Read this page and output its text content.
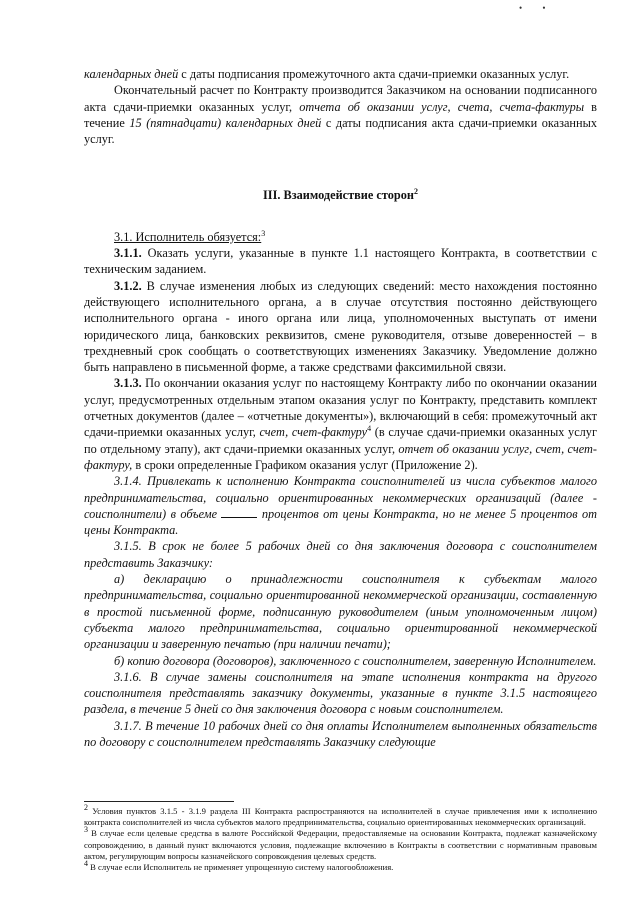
• •

календарных дней с даты подписания промежуточного акта сдачи-приемки оказанных услуг.

Окончательный расчет по Контракту производится Заказчиком на основании подписанного акта сдачи-приемки оказанных услуг, отчета об оказании услуг, счета, счета-фактуры в течение 15 (пятнадцати) календарных дней с даты подписания акта сдачи-приемки оказанных услуг.

III. Взаимодействие сторон$^2$

3.1. Исполнитель обязуется:$^3$

3.1.1. Оказать услуги, указанные в пункте 1.1 настоящего Контракта, в соответствии с техническим заданием.

3.1.2. В случае изменения любых из следующих сведений: место нахождения постоянно действующего исполнительного органа, а в случае отсутствия постоянно действующего исполнительного органа - иного органа или лица, уполномоченных выступать от имени юридического лица, банковских реквизитов, смене руководителя, отзыве доверенностей – в трехдневный срок сообщать о соответствующих изменениях Заказчику. Уведомление должно быть направлено в письменной форме, а также средствами факсимильной связи.

3.1.3. По окончании оказания услуг по настоящему Контракту либо по окончании оказании услуг, предусмотренных отдельным этапом оказания услуг по Контракту, представить комплект отчетных документов (далее – «отчетные документы»), включающий в себя: промежуточный акт сдачи-приемки оказанных услуг, счет, счет-фактуру$^4$ (в случае сдачи-приемки оказанных услуг по отдельному этапу), акт сдачи-приемки оказанных услуг, отчет об оказании услуг, счет, счет-фактуру, в сроки определенные Графиком оказания услуг (Приложение 2).

3.1.4. Привлекать к исполнению Контракта соисполнителей из числа субъектов малого предпринимательства, социально ориентированных некоммерческих организаций (далее - соисполнители) в объеме	процентов от цены Контракта, но не менее 5 процентов от цены Контракта.

3.1.5. В срок не более 5 рабочих дней со дня заключения договора с соисполнителем представить Заказчику:

а) декларацию о принадлежности соисполнителя к субъектам малого предпринимательства, социально ориентированной некоммерческой организации, составленную в простой письменной форме, подписанную руководителем (иным уполномоченным лицом) субъекта малого предпринимательства, социально ориентированной некоммерческой организации и заверенную печатью (при наличии печати);

б) копию договора (договоров), заключенного с соисполнителем, заверенную Исполнителем.

3.1.6. В случае замены соисполнителя на этапе исполнения контракта на другого соисполнителя представлять заказчику документы, указанные в пункте 3.1.5 настоящего раздела, в течение 5 дней со дня заключения договора с новым соисполнителем.

3.1.7. В течение 10 рабочих дней со дня оплаты Исполнителем выполненных обязательств по договору с соисполнителем представлять Заказчику следующие

$^2$ Условия пунктов 3.1.5 - 3.1.9 раздела III Контракта распространяются на исполнителей в случае привлечения ими к исполнению контракта соисполнителей из числа субъектов малого предпринимательства, социально ориентированных некоммерческих организаций.

$^3$ В случае если целевые средства в валюте Российской Федерации, предоставляемые на основании Контракта, подлежат казначейскому сопровождению, в данный пункт включаются условия, подлежащие включению в Контракты в соответствии с нормативным правовым актом, регулирующим вопросы казначейского сопровождения целевых средств.

$^4$ В случае если Исполнитель не применяет упрощенную систему налогообложения.
